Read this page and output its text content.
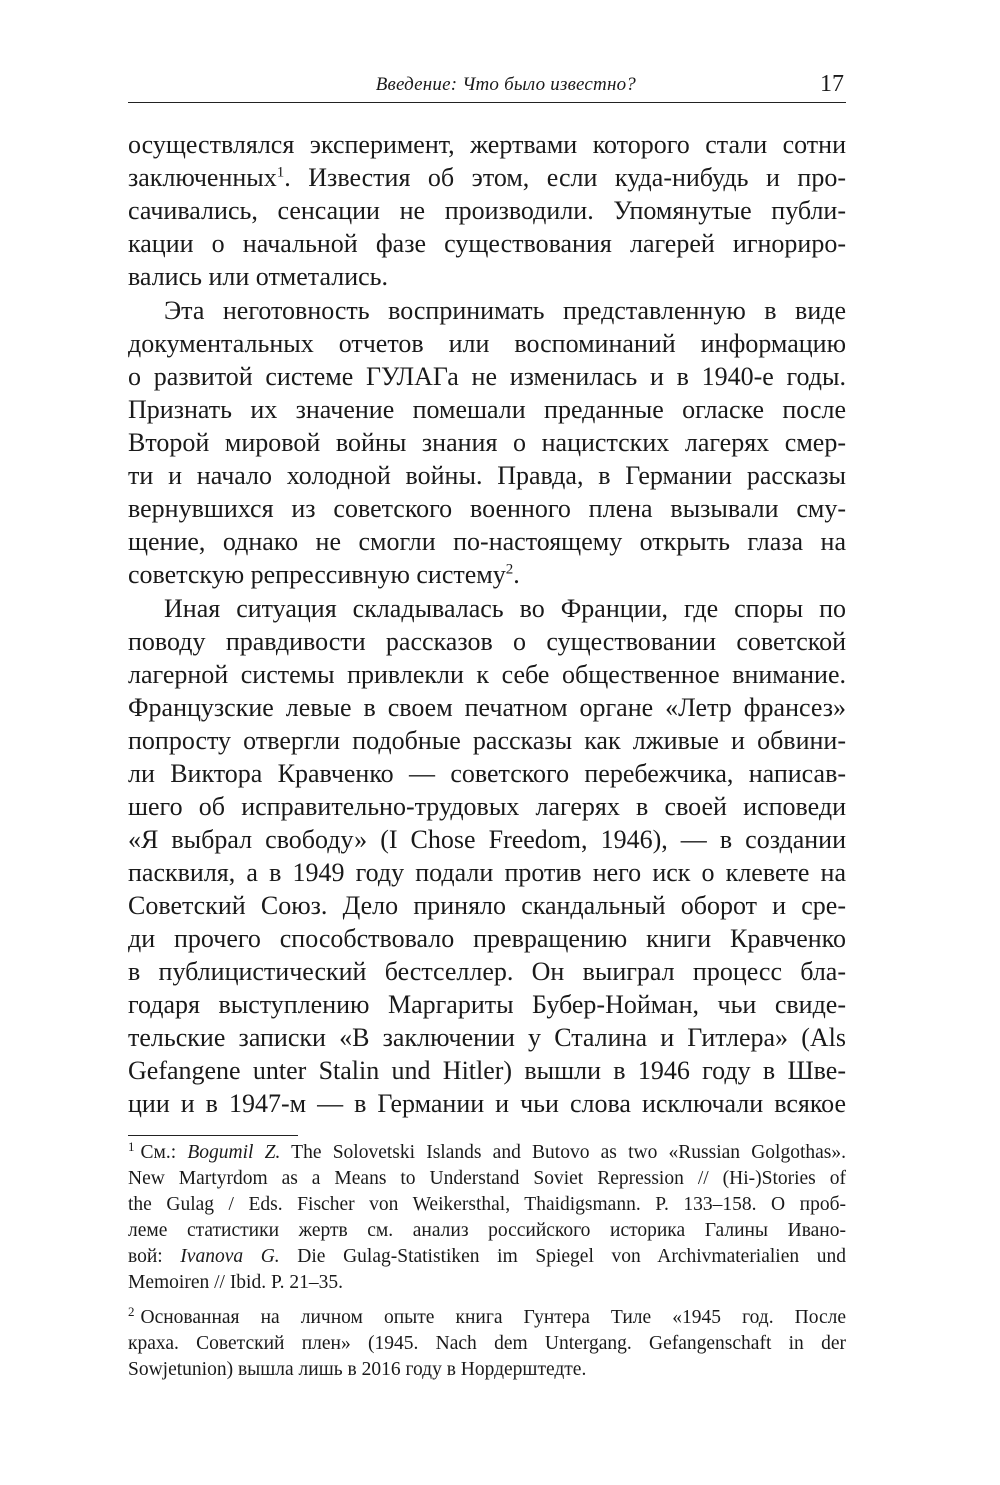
Введение: Что было известно?	17

осуществлялся эксперимент, жертвами которого стали сотни
заключенных$^1$. Известия об этом, если куда-нибудь и про-
сачивались, сенсации не производили. Упомянутые публи-
кации о начальной фазе существования лагерей игнориро-
вались или отметались.

Эта неготовность воспринимать представленную в виде
документальных отчетов или воспоминаний информацию
о развитой системе ГУЛАГа не изменилась и в 1940-е годы.
Признать их значение помешали преданные огласке после
Второй мировой войны знания о нацистских лагерях смер-
ти и начало холодной войны. Правда, в Германии рассказы
вернувшихся из советского военного плена вызывали сму-
щение, однако не смогли по-настоящему открыть глаза на
советскую репрессивную систему$^2$.

Иная ситуация складывалась во Франции, где споры по
поводу правдивости рассказов о существовании советской
лагерной системы привлекли к себе общественное внимание.
Французские левые в своем печатном органе «Летр франсез»
попросту отвергли подобные рассказы как лживые и обвини-
ли Виктора Кравченко — советского перебежчика, написав-
шего об исправительно-трудовых лагерях в своей исповеди
«Я выбрал свободу» (I Chose Freedom, 1946), — в создании
пасквиля, а в 1949 году подали против него иск о клевете на
Советский Союз. Дело приняло скандальный оборот и сре-
ди прочего способствовало превращению книги Кравченко
в публицистический бестселлер. Он выиграл процесс бла-
годаря выступлению Маргариты Бубер-Нойман, чьи свиде-
тельские записки «В заключении у Сталина и Гитлера» (Als
Gefangene unter Stalin und Hitler) вышли в 1946 году в Шве-
ции и в 1947-м — в Германии и чьи слова исключали всякое

$^1$ См.: Bogumil Z. The Solovetski Islands and Butovo as two «Russian Golgothas».
New Martyrdom as a Means to Understand Soviet Repression // (Hi-)Stories of
the Gulag / Eds. Fischer von Weikersthal, Thaidigsmann. P. 133–158. О проб-
леме статистики жертв см. анализ российского историка Галины Ивано-
вой: Ivanova G. Die Gulag-Statistiken im Spiegel von Archivmaterialien und
Memoiren // Ibid. P. 21–35.
$^2$ Основанная на личном опыте книга Гунтера Тиле «1945 год. После
краха. Советский плен» (1945. Nach dem Untergang. Gefangenschaft in der
Sowjetunion) вышла лишь в 2016 году в Нордерштедте.
